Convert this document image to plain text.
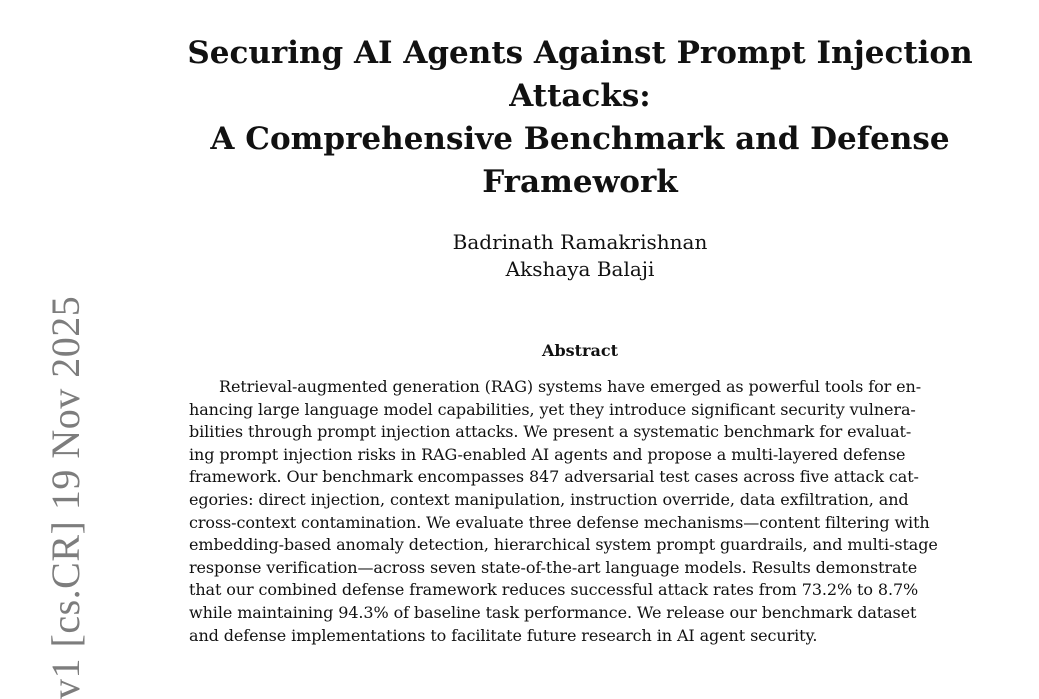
v1 [cs.CR] 19 Nov 2025
Securing AI Agents Against Prompt Injection
Attacks:
A Comprehensive Benchmark and Defense
Framework
Badrinath Ramakrishnan
Akshaya Balaji
Abstract
Retrieval-augmented generation (RAG) systems have emerged as powerful tools for en-
hancing large language model capabilities, yet they introduce significant security vulnera-
bilities through prompt injection attacks. We present a systematic benchmark for evaluat-
ing prompt injection risks in RAG-enabled AI agents and propose a multi-layered defense
framework. Our benchmark encompasses 847 adversarial test cases across five attack cat-
egories: direct injection, context manipulation, instruction override, data exfiltration, and
cross-context contamination. We evaluate three defense mechanisms—content filtering with
embedding-based anomaly detection, hierarchical system prompt guardrails, and multi-stage
response verification—across seven state-of-the-art language models. Results demonstrate
that our combined defense framework reduces successful attack rates from 73.2% to 8.7%
while maintaining 94.3% of baseline task performance. We release our benchmark dataset
and defense implementations to facilitate future research in AI agent security.
